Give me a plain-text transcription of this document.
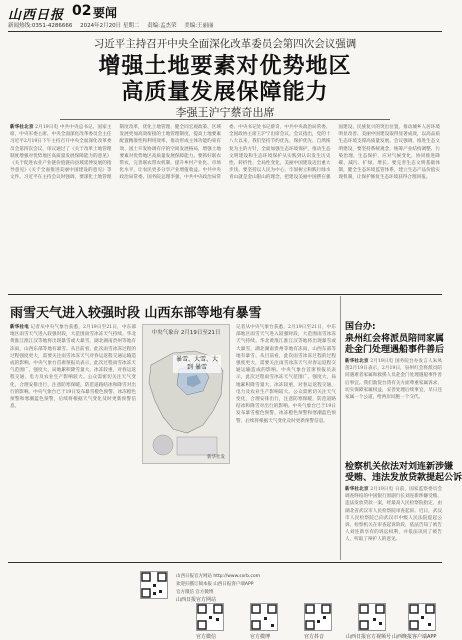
山西日报 02 要闻
新闻热线:0351-4286666 2024年2月20日 星期二 责编:孟杰荣 美编:王丽丽
习近平主持召开中央全面深化改革委员会第四次会议强调
增强土地要素对优势地区
高质量发展保障能力
李强王沪宁蔡奇出席
新华社北京 2月19日电 中共中央总书记、国家主席、中央军委主席、中央全面深化改革委员会主任习近平2月19日下午主持召开中央全面深化改革委员会第四次会议，审议通过了《关于改革土地管理制度增强对优势地区高质量发展保障能力的意见》《关于促进农业产业链价值链向县域延伸发展的指导意见》《关于全面推进美丽中国建设的意见》等文件。习近平在主持会议时强调，要深化土地管理制度改革，优化土地管理，健全同宏观政策、区域发展更加高效衔接的土地管理制度，提高土地要素配置精准性和利用效率，推动形成主体功能约束有效、国土开发协调有序的空间发展格局，增强土地要素对优势地区高质量发展保障能力。要抓好联农带农，完善联农带农机制，提升乡村产业化、市场化水平，让农民更多分享产业增值收益。中共中央政治局常委、国务院总理李强，中共中央政治局常委、中央书记处书记蔡奇，中共中央政治局常委、全国政协主席王沪宁出席会议。会议指出，党的十八大以来，我们坚持节约优先、保护优先、自然恢复为主的方针，全面加强生态环境保护，推动生态文明建设和生态环境保护从实践到认识发生历史性、转折性、全局性变化，美丽中国建设迈出重大步伐。要坚持以人民为中心，牢固树立和践行绿水青山就是金山银山的理念，把建设美丽中国摆在强国建设、民族复兴的突出位置，推动城乡人居环境明显改善、美丽中国建设取得显著成效，以高品质生态环境支撑高质量发展。会议强调，推进生态文明建设，要坚持系统观念，统筹产业结构调整、污染治理、生态保护、应对气候变化，协同推进降碳、减污、扩绿、增长。要完善生态文明基础体制，健全生态环境监管体系，建立生态产品价值实现机制，让保护修复生态环境获得合理回报。
雨雪天气进入较强时段 山西东部等地有暴雪
新华社电 记者从中央气象台获悉，2月19日至21日，中东部地区雨雪天气进入较强时段，大范围雨雪冰冻天气持续。华北黄淮江淮江汉等地将出现暴雪或大暴雪，湖北湖南贵州等地有冻雨，山西东部等地有暴雪。从目前看，此次雨雪冰冻过程的过程强度更大，需要关注雨雪冰冻天气对春运返程交通运输造成的影响。中央气象台首席预报员表示，此次过程雨雪冰冻天气范围广、强度大，局地累积降雪量大，冰冻较重，对春运返程交通、电力及农业生产影响较大。公众需密切关注天气变化，合理安排出行，注意防寒保暖，防范道路结冰和降雪对出行的影响。中央气象台已于19日发布暴雪橙色预警、冰冻橙色预警和寒潮蓝色预警，后续将根据天气变化及时更新预警信息。
中央气象台 2月19日至21日
暴雪、大雪、大到 暴雪
新华社发
记者从中央气象台获悉，2月19日至21日，中东部地区雨雪天气进入较强时段，大范围雨雪冰冻天气持续。华北黄淮江淮江汉等地将出现暴雪或大暴雪，湖北湖南贵州等地有冻雨，山西东部等地有暴雪。从目前看，此次雨雪冰冻过程的过程强度更大，需要关注雨雪冰冻天气对春运返程交通运输造成的影响。中央气象台首席预报员表示，此次过程雨雪冰冻天气范围广、强度大，局地累积降雪量大，冰冻较重，对春运返程交通、电力及农业生产影响较大。公众需密切关注天气变化，合理安排出行，注意防寒保暖，防范道路结冰和降雪对出行的影响。中央气象台已于19日发布暴雪橙色预警、冰冻橙色预警和寒潮蓝色预警，后续将根据天气变化及时更新预警信息。
国台办:
泉州红会将派员陪同家属
赴金门处理遇船事件善后
新华社北京 2月19日电 国务院台办发言人朱凤莲2月19日表示，2月19日，泉州红会将派员陪同遇难者家属和救援人员赴金门处理遇船事件善后事宜。我们敦促台湾有关方面尊重家属诉求，切实保障家属权益，妥善处理后续事宜，早日还家属一个公道，给两岸同胞一个交代。
检察机关依法对刘连新涉嫌
受贿、违法发放贷款提起公诉
新华社北京 2月19日电 日前，国家监察委员会调查终结的中国银行原副行长刘连新涉嫌受贿、违法发放贷款一案，经最高人民检察院指定，由湖北省武汉市人民检察院审查起诉。近日，武汉市人民检察院已向武汉市中级人民法院提起公诉。检察机关在审查起诉阶段，依法告知了被告人刘连新享有的诉讼权利，并依法讯问了被告人，听取了辩护人的意见。
山西日报官方网站 http://www.sxrb.com
欢迎扫描订阅本报 山西日报客户端APP
官方微信 官方微博
官方微信	官方微博	官方抖音	山西日报官方视频号 山西晚报客户端APP
山西日报官方网站
